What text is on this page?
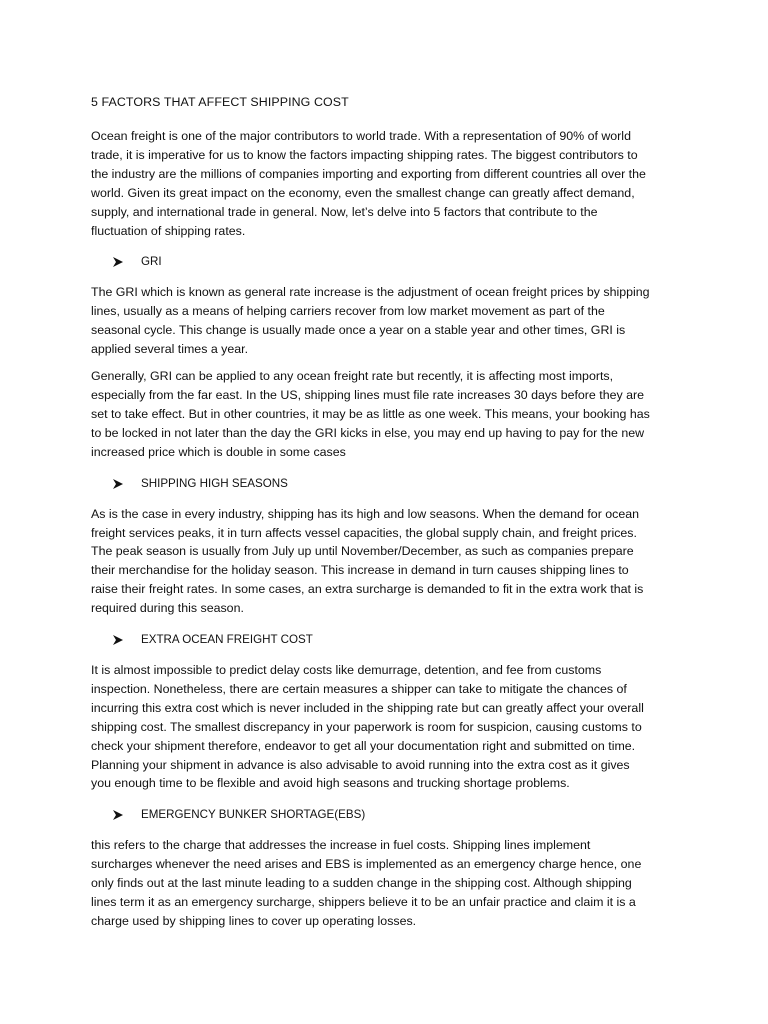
5 FACTORS THAT AFFECT SHIPPING COST

Ocean freight is one of the major contributors to world trade. With a representation of 90% of world trade, it is imperative for us to know the factors impacting shipping rates. The biggest contributors to the industry are the millions of companies importing and exporting from different countries all over the world. Given its great impact on the economy, even the smallest change can greatly affect demand, supply, and international trade in general. Now, let’s delve into 5 factors that contribute to the fluctuation of shipping rates.

GRI

The GRI which is known as general rate increase is the adjustment of ocean freight prices by shipping lines, usually as a means of helping carriers recover from low market movement as part of the seasonal cycle. This change is usually made once a year on a stable year and other times, GRI is applied several times a year.

Generally, GRI can be applied to any ocean freight rate but recently, it is affecting most imports, especially from the far east. In the US, shipping lines must file rate increases 30 days before they are set to take effect. But in other countries, it may be as little as one week. This means, your booking has to be locked in not later than the day the GRI kicks in else, you may end up having to pay for the new increased price which is double in some cases

SHIPPING HIGH SEASONS

As is the case in every industry, shipping has its high and low seasons. When the demand for ocean freight services peaks, it in turn affects vessel capacities, the global supply chain, and freight prices. The peak season is usually from July up until November/December, as such as companies prepare their merchandise for the holiday season. This increase in demand in turn causes shipping lines to raise their freight rates. In some cases, an extra surcharge is demanded to fit in the extra work that is required during this season.

EXTRA OCEAN FREIGHT COST

It is almost impossible to predict delay costs like demurrage, detention, and fee from customs inspection. Nonetheless, there are certain measures a shipper can take to mitigate the chances of incurring this extra cost which is never included in the shipping rate but can greatly affect your overall shipping cost. The smallest discrepancy in your paperwork is room for suspicion, causing customs to check your shipment therefore, endeavor to get all your documentation right and submitted on time. Planning your shipment in advance is also advisable to avoid running into the extra cost as it gives you enough time to be flexible and avoid high seasons and trucking shortage problems.

EMERGENCY BUNKER SHORTAGE(EBS)

this refers to the charge that addresses the increase in fuel costs. Shipping lines implement surcharges whenever the need arises and EBS is implemented as an emergency charge hence, one only finds out at the last minute leading to a sudden change in the shipping cost. Although shipping lines term it as an emergency surcharge, shippers believe it to be an unfair practice and claim it is a charge used by shipping lines to cover up operating losses.
